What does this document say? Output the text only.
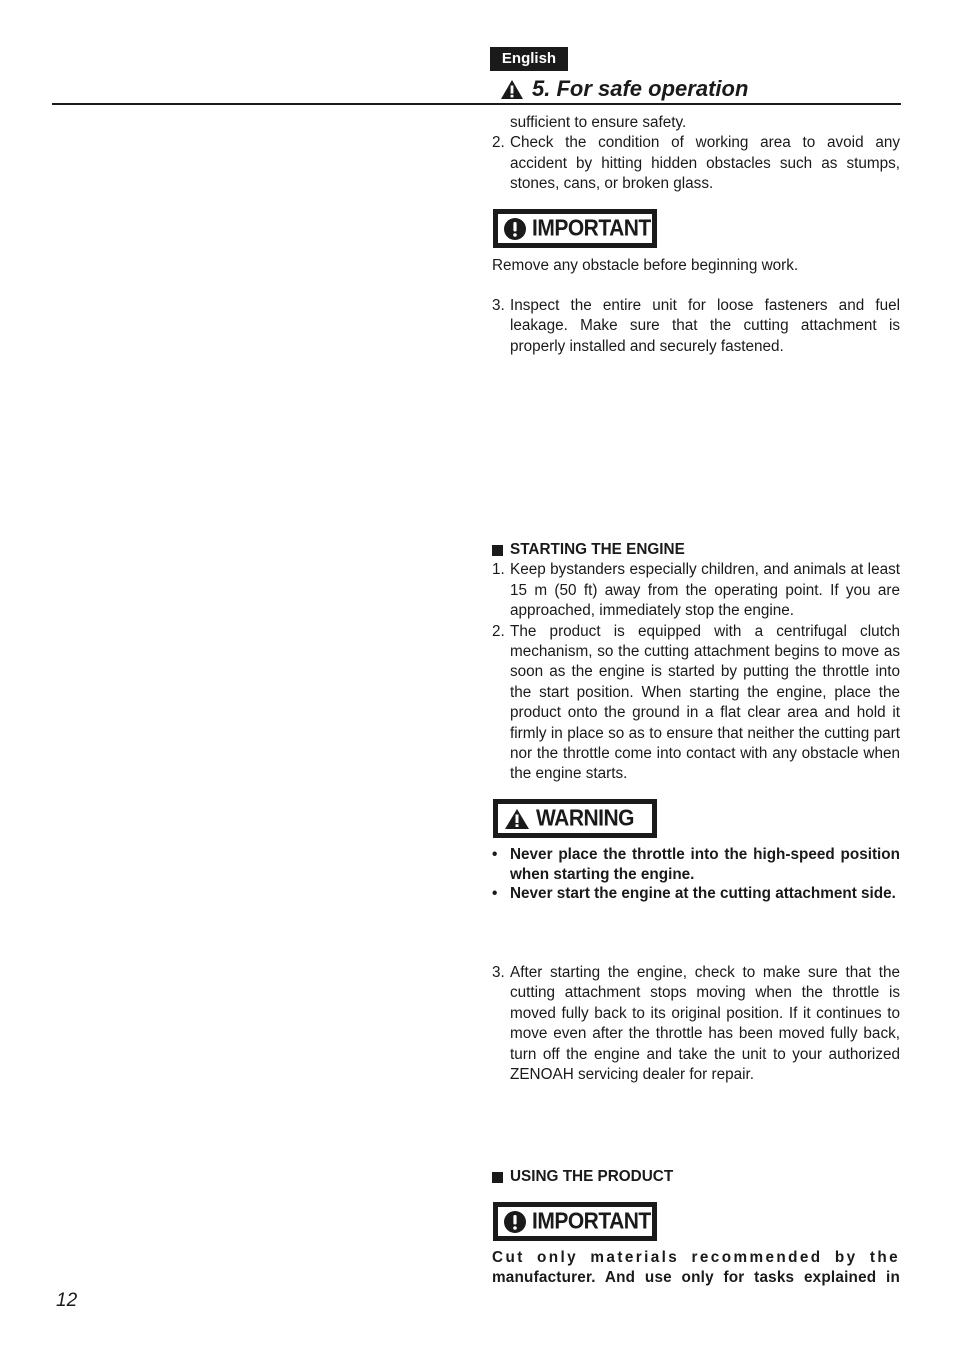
English
5. For safe operation
sufficient to ensure safety.
2. Check the condition of working area to avoid any accident by hitting hidden obstacles such as stumps, stones, cans, or broken glass.
IMPORTANT
Remove any obstacle before beginning work.
3. Inspect the entire unit for loose fasteners and fuel leakage. Make sure that the cutting attachment is properly installed and securely fastened.
STARTING THE ENGINE
1. Keep bystanders especially children, and animals at least 15 m (50 ft) away from the operating point. If you are approached, immediately stop the engine.
2. The product is equipped with a centrifugal clutch mechanism, so the cutting attachment begins to move as soon as the engine is started by putting the throttle into the start position. When starting the engine, place the product onto the ground in a flat clear area and hold it firmly in place so as to ensure that neither the cutting part nor the throttle come into contact with any obstacle when the engine starts.
WARNING
• Never place the throttle into the high-speed position when starting the engine.
• Never start the engine at the cutting attachment side.
3. After starting the engine, check to make sure that the cutting attachment stops moving when the throttle is moved fully back to its original position. If it continues to move even after the throttle has been moved fully back, turn off the engine and take the unit to your authorized ZENOAH servicing dealer for repair.
USING THE PRODUCT
IMPORTANT
Cut only materials recommended by the
manufacturer. And use only for tasks explained in
12
